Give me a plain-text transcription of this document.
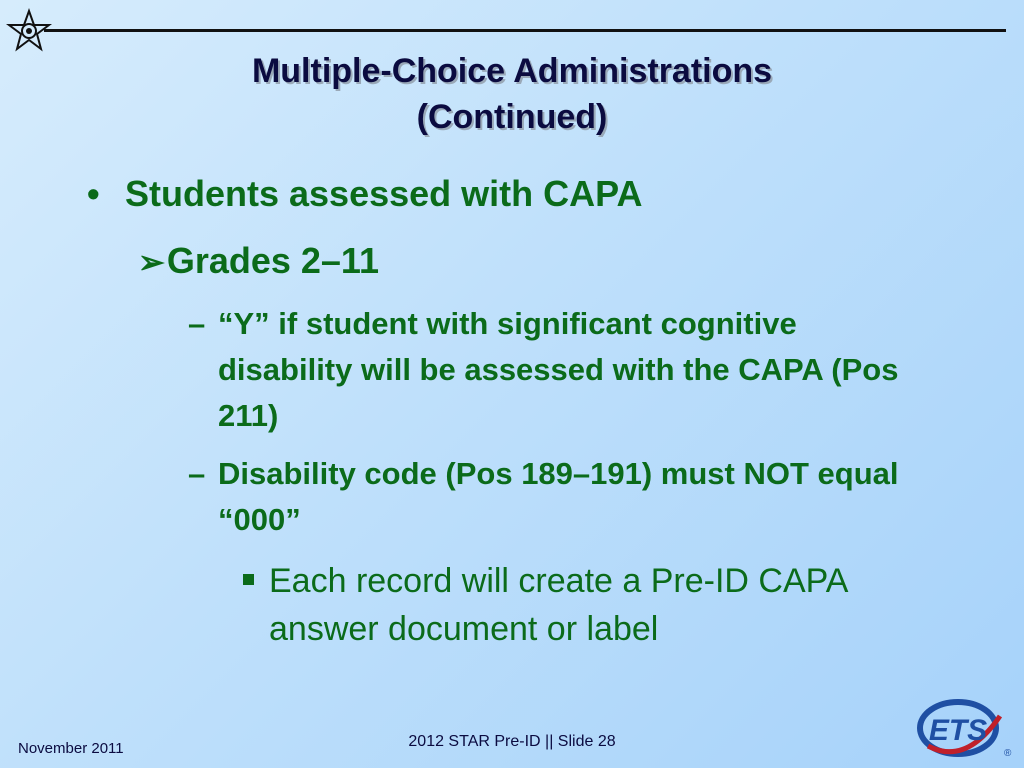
Multiple-Choice Administrations
(Continued)
• Students assessed with CAPA
➢Grades 2–11
– “Y” if student with significant cognitive disability will be assessed with the CAPA (Pos 211)
– Disability code (Pos 189–191) must NOT equal “000”
Each record will create a Pre-ID CAPA answer document or label
November 2011	2012 STAR Pre-ID || Slide 28	ETS
®
